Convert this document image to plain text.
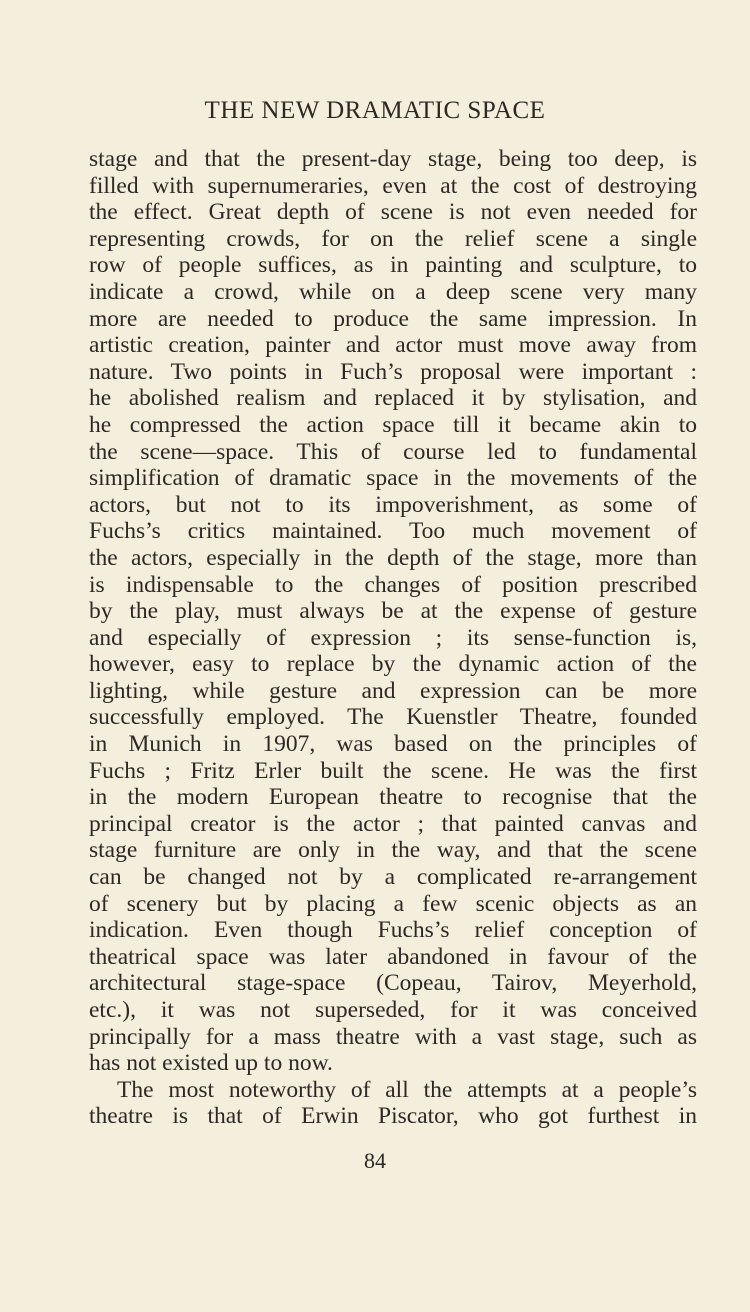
THE NEW DRAMATIC SPACE

stage and that the present-day stage, being too deep, is
filled with supernumeraries, even at the cost of destroying
the effect. Great depth of scene is not even needed for
representing crowds, for on the relief scene a single
row of people suffices, as in painting and sculpture, to
indicate a crowd, while on a deep scene very many
more are needed to produce the same impression. In
artistic creation, painter and actor must move away from
nature. Two points in Fuch’s proposal were important :
he abolished realism and replaced it by stylisation, and
he compressed the action space till it became akin to
the scene—space. This of course led to fundamental
simplification of dramatic space in the movements of the
actors, but not to its impoverishment, as some of
Fuchs’s critics maintained. Too much movement of
the actors, especially in the depth of the stage, more than
is indispensable to the changes of position prescribed
by the play, must always be at the expense of gesture
and especially of expression ; its sense-function is,
however, easy to replace by the dynamic action of the
lighting, while gesture and expression can be more
successfully employed. The Kuenstler Theatre, founded
in Munich in 1907, was based on the principles of
Fuchs ; Fritz Erler built the scene. He was the first
in the modern European theatre to recognise that the
principal creator is the actor ; that painted canvas and
stage furniture are only in the way, and that the scene
can be changed not by a complicated re-arrangement
of scenery but by placing a few scenic objects as an
indication. Even though Fuchs’s relief conception of
theatrical space was later abandoned in favour of the
architectural stage-space (Copeau, Tairov, Meyerhold,
etc.), it was not superseded, for it was conceived
principally for a mass theatre with a vast stage, such as
has not existed up to now.

The most noteworthy of all the attempts at a people’s
theatre is that of Erwin Piscator, who got furthest in

84
